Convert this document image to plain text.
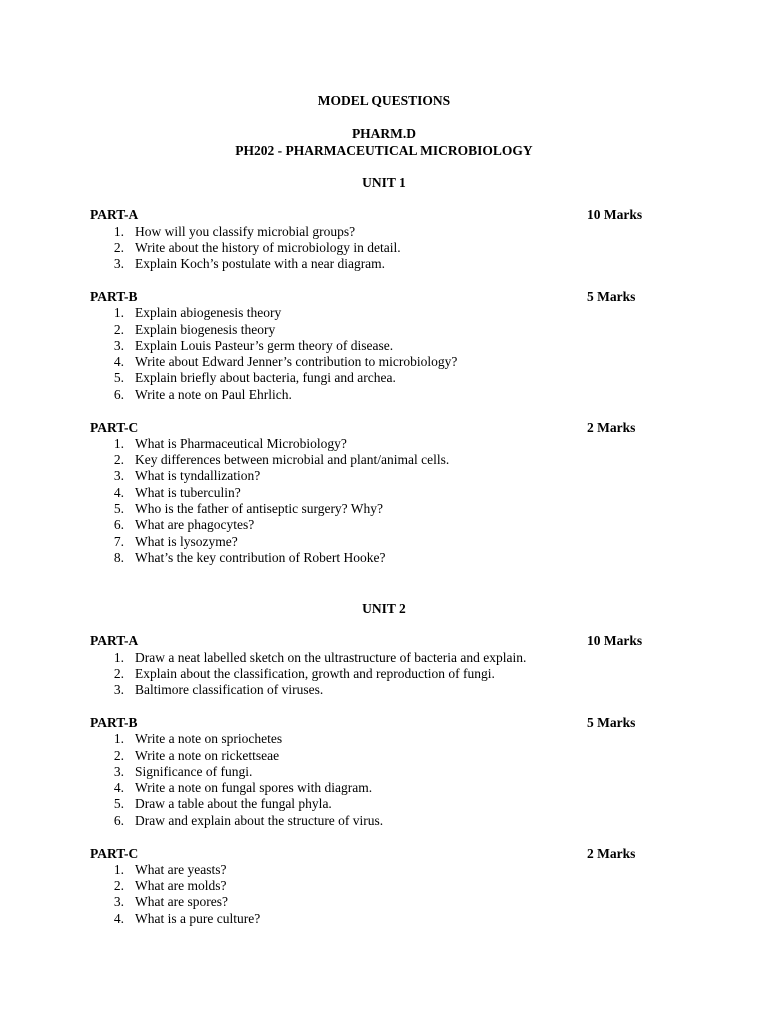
MODEL QUESTIONS
PHARM.D
PH202 - PHARMACEUTICAL MICROBIOLOGY
UNIT 1
PART-A	10 Marks
1. How will you classify microbial groups?
2. Write about the history of microbiology in detail.
3. Explain Koch’s postulate with a near diagram.
PART-B	5 Marks
1. Explain abiogenesis theory
2. Explain biogenesis theory
3. Explain Louis Pasteur’s germ theory of disease.
4. Write about Edward Jenner’s contribution to microbiology?
5. Explain briefly about bacteria, fungi and archea.
6. Write a note on Paul Ehrlich.
PART-C	2 Marks
1. What is Pharmaceutical Microbiology?
2. Key differences between microbial and plant/animal cells.
3. What is tyndallization?
4. What is tuberculin?
5. Who is the father of antiseptic surgery? Why?
6. What are phagocytes?
7. What is lysozyme?
8. What’s the key contribution of Robert Hooke?
UNIT 2
PART-A	10 Marks
1. Draw a neat labelled sketch on the ultrastructure of bacteria and explain.
2. Explain about the classification, growth and reproduction of fungi.
3. Baltimore classification of viruses.
PART-B	5 Marks
1. Write a note on spriochetes
2. Write a note on rickettseae
3. Significance of fungi.
4. Write a note on fungal spores with diagram.
5. Draw a table about the fungal phyla.
6. Draw and explain about the structure of virus.
PART-C	2 Marks
1. What are yeasts?
2. What are molds?
3. What are spores?
4. What is a pure culture?
